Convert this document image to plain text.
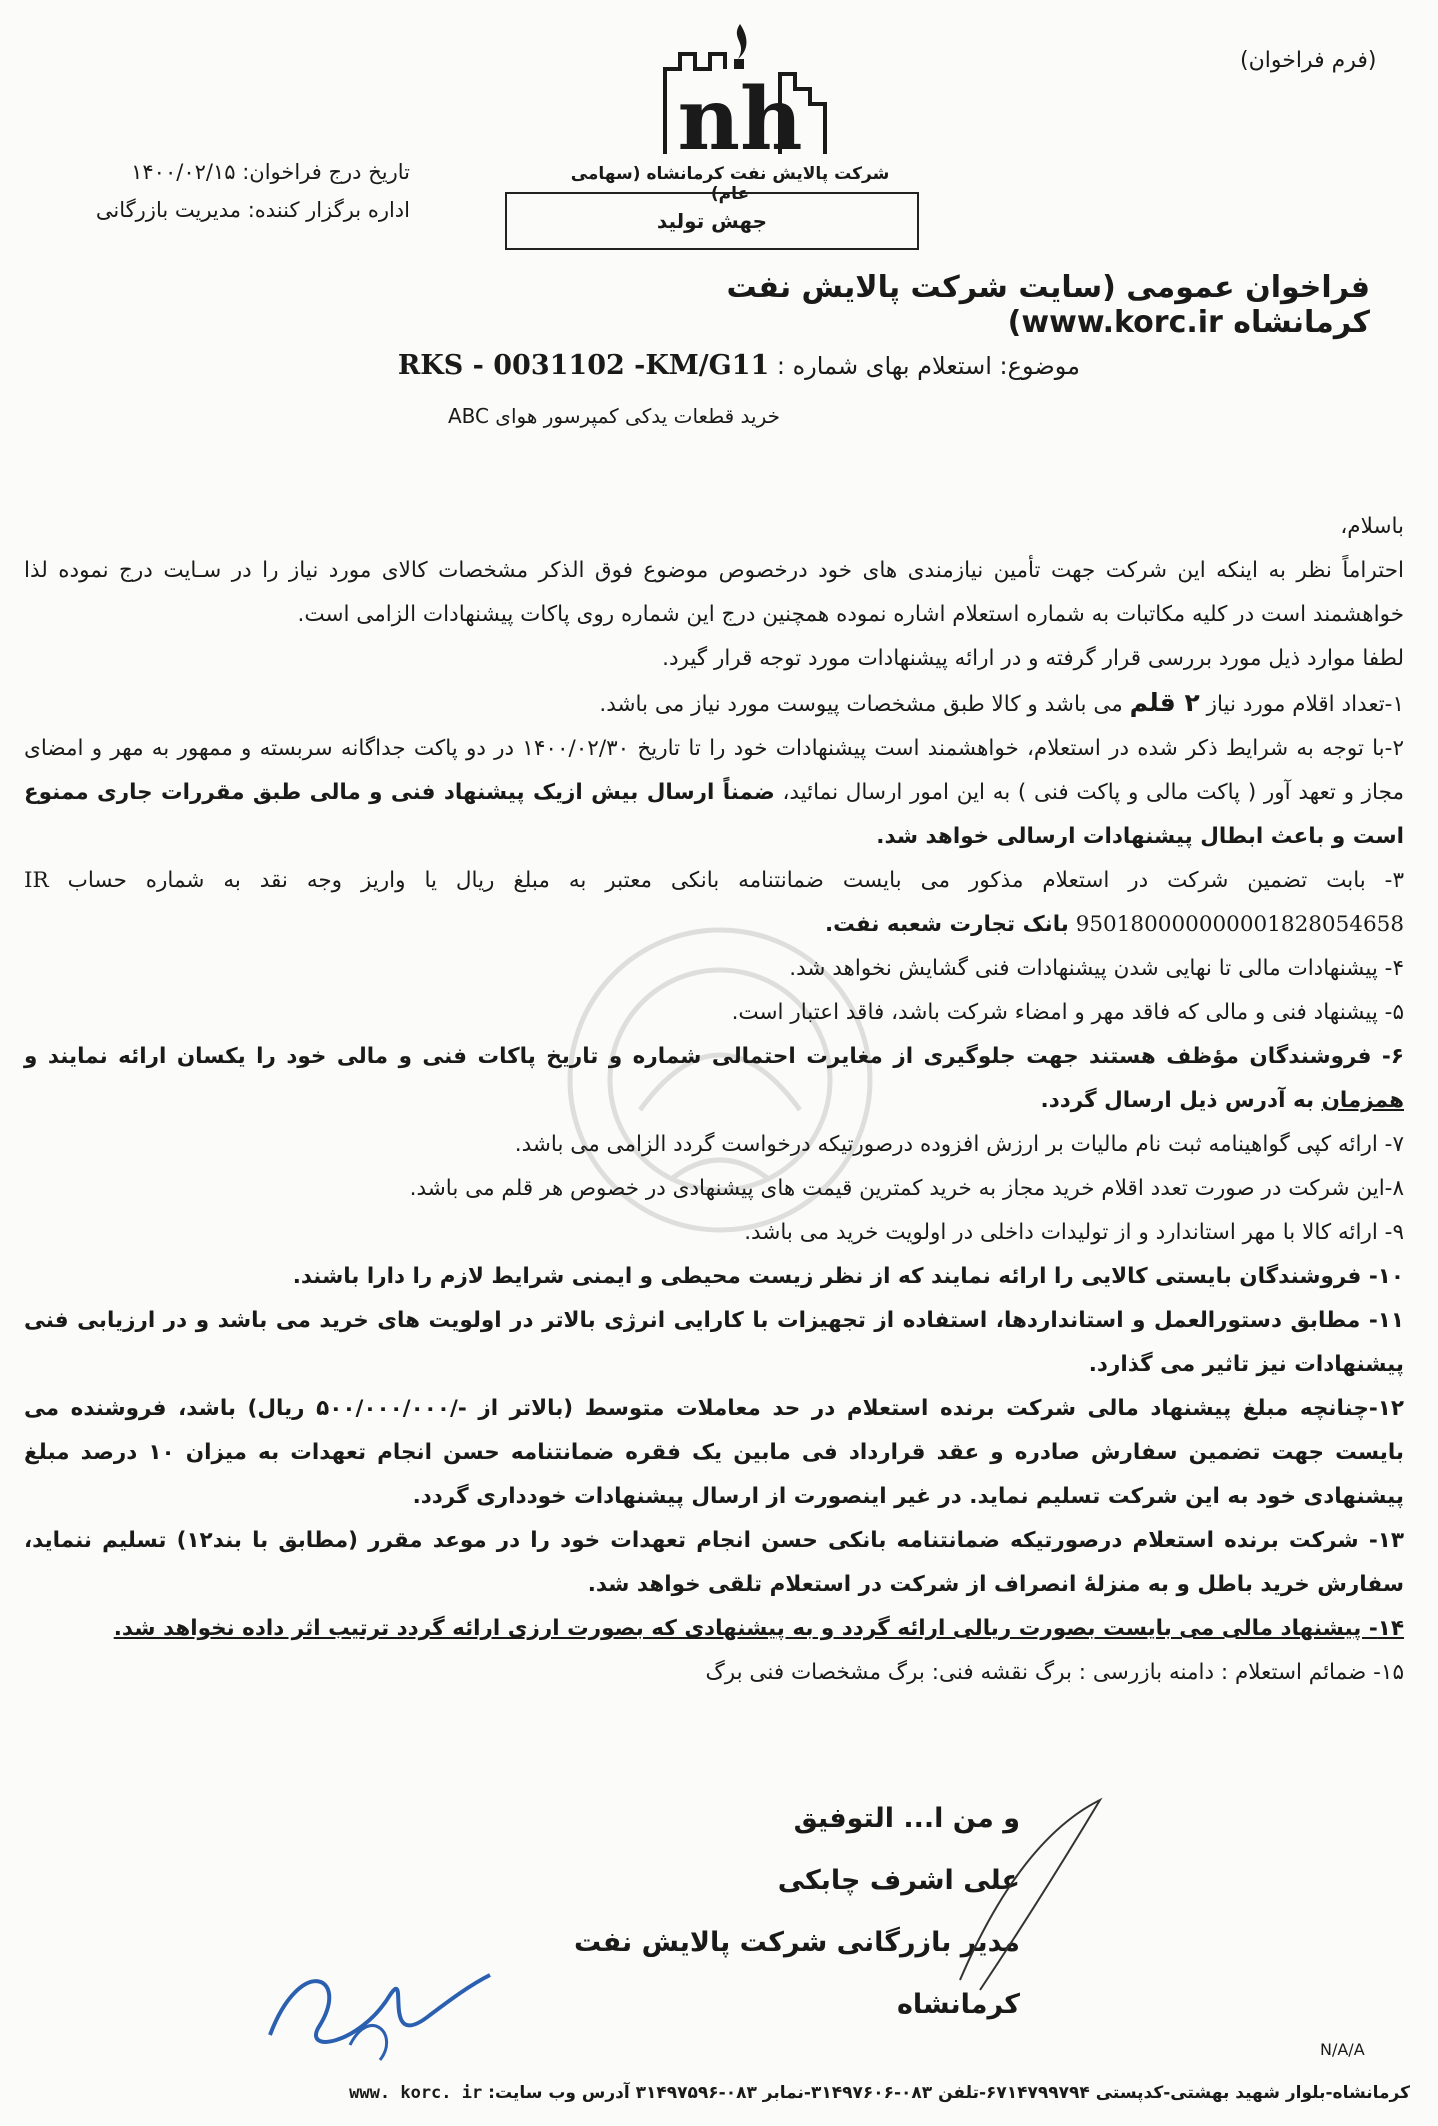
(فرم فراخوان)
nh
شرکت پالایش نفت کرمانشاه (سهامی عام)
جهش تولید
تاریخ درج فراخوان: ۱۴۰۰/۰۲/۱۵
اداره برگزار کننده: مدیریت بازرگانی
فراخوان عمومی (سایت شرکت پالایش نفت کرمانشاه www.korc.ir)
موضوع: استعلام بهای شماره : RKS - 0031102 -KM/G11
خرید قطعات یدکی کمپرسور هوای ABC

باسلام،

احتراماً نظر به اینکه این شرکت جهت تأمین نیازمندی های خود درخصوص موضوع فوق الذکر مشخصات کالای مورد نیاز را در سـایت درج نموده لذا خواهشمند است در کلیه مکاتبات به شماره استعلام اشاره نموده همچنین درج این شماره روی پاکات پیشنهادات الزامی است.

لطفا موارد ذیل مورد بررسی قرار گرفته و در ارائه پیشنهادات مورد توجه قرار گیرد.

۱-تعداد اقلام مورد نیاز ۲ قلم می باشد و کالا طبق مشخصات پیوست مورد نیاز می باشد.

۲-با توجه به شرایط ذکر شده در استعلام، خواهشمند است پیشنهادات خود را تا تاریخ ۱۴۰۰/۰۲/۳۰ در دو پاکت جداگانه سربسته و ممهور به مهر و امضای مجاز و تعهد آور ( پاکت مالی و پاکت فنی ) به این امور ارسال نمائید، ضمناً ارسال بیش ازیک پیشنهاد فنی و مالی طبق مقررات جاری ممنوع است و باعث ابطال پیشنهادات ارسالی خواهد شد.

۳- بابت تضمین شرکت در استعلام مذکور می بایست ضمانتنامه بانکی معتبر به مبلغ ریال یا واریز وجه نقد به شماره حساب IR 950180000000001828054658 بانک تجارت شعبه نفت.

۴- پیشنهادات مالی تا نهایی شدن پیشنهادات فنی گشایش نخواهد شد.

۵- پیشنهاد فنی و مالی که فاقد مهر و امضاء شرکت باشد، فاقد اعتبار است.

۶- فروشندگان مؤظف هستند جهت جلوگیری از مغایرت احتمالی شماره و تاریخ پاکات فنی و مالی خود را یکسان ارائه نمایند و همزمان به آدرس ذیل ارسال گردد.

۷- ارائه کپی گواهینامه ثبت نام مالیات بر ارزش افزوده درصورتیکه درخواست گردد الزامی می باشد.

۸-این شرکت در صورت تعدد اقلام خرید مجاز به خرید کمترین قیمت های پیشنهادی در خصوص هر قلم می باشد.

۹- ارائه کالا با مهر استاندارد و از تولیدات داخلی در اولویت خرید می باشد.

۱۰- فروشندگان بایستی کالایی را ارائه نمایند که از نظر زیست محیطی و ایمنی شرایط لازم را دارا باشند.

۱۱- مطابق دستورالعمل و استانداردها، استفاده از تجهیزات با کارایی انرژی بالاتر در اولویت های خرید می باشد و در ارزیابی فنی پیشنهادات نیز تاثیر می گذارد.

۱۲-چنانچه مبلغ پیشنهاد مالی شرکت برنده استعلام در حد معاملات متوسط (بالاتر از -/۵۰۰/۰۰۰/۰۰۰ ریال) باشد، فروشنده می بایست جهت تضمین سفارش صادره و عقد قرارداد فی مابین یک فقره ضمانتنامه حسن انجام تعهدات به میزان ۱۰ درصد مبلغ پیشنهادی خود به این شرکت تسلیم نماید. در غیر اینصورت از ارسال پیشنهادات خودداری گردد.

۱۳- شرکت برنده استعلام درصورتیکه ضمانتنامه بانکی حسن انجام تعهدات خود را در موعد مقرر (مطابق با بند۱۲) تسلیم ننماید، سفارش خرید باطل و به منزلهٔ انصراف از شرکت در استعلام تلقی خواهد شد.

۱۴- پیشنهاد مالی می بایست بصورت ریالی ارائه گردد و به پیشنهادی که بصورت ارزی ارائه گردد ترتیب اثر داده نخواهد شد.

۱۵- ضمائم استعلام : دامنه بازرسی : برگ نقشه فنی: برگ مشخصات فنی برگ

و من ا... التوفیق
علی اشرف چابکی
مدیر بازرگانی شرکت پالایش نفت کرمانشاه
N/A/A
کرمانشاه-بلوار شهید بهشتی-کدپستی ۶۷۱۴۷۹۹۷۹۴-تلفن ۰۸۳-۳۱۴۹۷۶۰۶-نمابر ۰۸۳-۳۱۴۹۷۵۹۶ آدرس وب سایت: www. korc. ir
